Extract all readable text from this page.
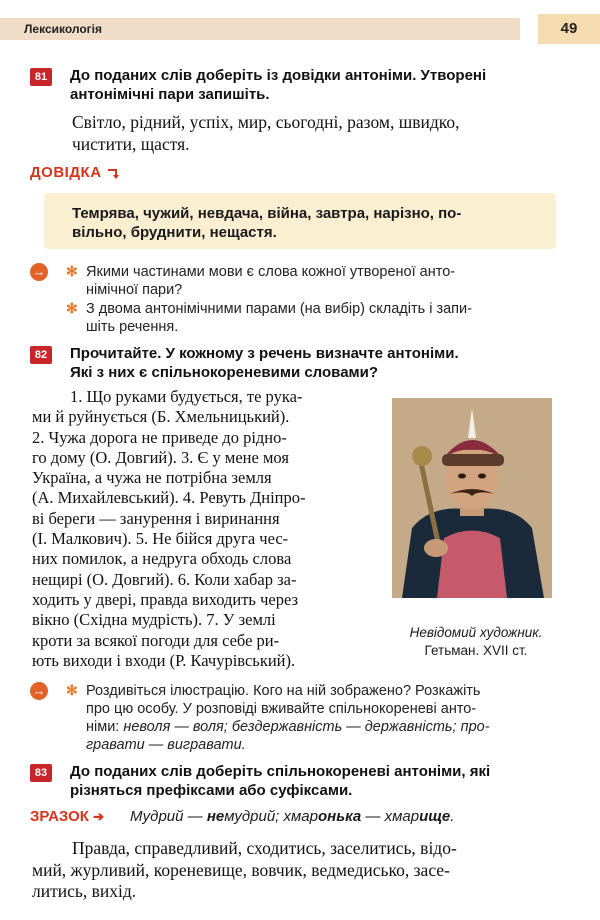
Лексикологія	49
81	До поданих слів доберіть із довідки антоніми. Утворені
антонімічні пари запишіть.
Світло, рідний, успіх, мир, сьогодні, разом, швидко,
чистити, щастя.
ДОВІДКА
Темрява, чужий, невдача, війна, завтра, нарізно, по-
вільно, бруднити, нещастя.
→ ✻ Якими частинами мови є слова кожної утвореної анто-
німічної пари?
✻ З двома антонімічними парами (на вибір) складіть і запи-
шіть речення.
82	Прочитайте. У кожному з речень визначте антоніми.
Які з них є спільнокореневими словами?
1. Що руками будується, те рука-
ми й руйнується (Б. Хмельницький).
2. Чужа дорога не приведе до рідно-
го дому (О. Довгий). 3. Є у мене моя
Україна, а чужа не потрібна земля
(А. Михайлевський). 4. Ревуть Дніпро-
ві береги — занурення і виринання
(І. Малкович). 5. Не бійся друга чес-
них помилок, а недруга обходь слова
нещирі (О. Довгий). 6. Коли хабар за-
ходить у двері, правда виходить через
вікно (Східна мудрість). 7. У землі
кроти за всякої погоди для себе ри-
ють виходи і входи (Р. Качурівський).
Невідомий художник.
Гетьман. XVII ст.
→ ✻ Роздивіться ілюстрацію. Кого на ній зображено? Розкажіть
про цю особу. У розповіді вживайте спільнокореневі анто-
німи: неволя — воля; бездержавність — державність; про-
гравати — вигравати.
83	До поданих слів доберіть спільнокореневі антоніми, які
різняться префіксами або суфіксами.
ЗРАЗОК ➔ Мудрий — немудрий; хмаронька — хмарище.
Правда, справедливий, сходитись, заселитись, відо-
мий, журливий, кореневище, вовчик, ведмедисько, засе-
литись, вихід.
